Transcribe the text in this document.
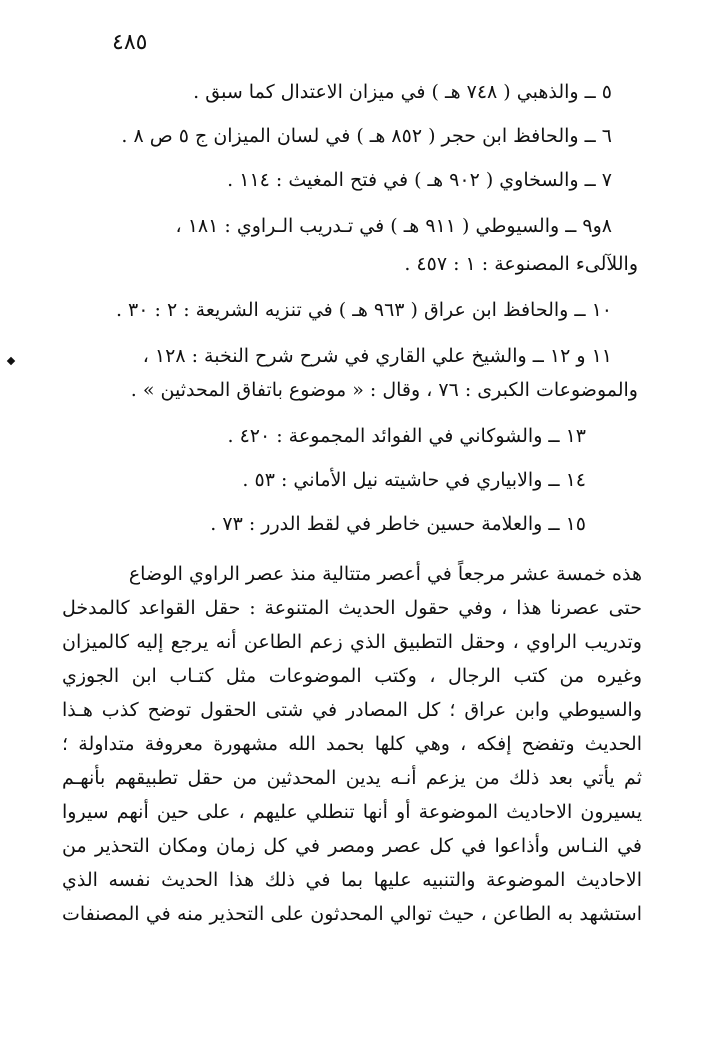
٤٨٥
٥ ــ والذهبي ( ٧٤٨ هـ ) في ميزان الاعتدال كما سبق .
٦ ــ والحافظ ابن حجر ( ٨٥٢ هـ ) في لسان الميزان ج ٥ ص ٨ .
٧ ــ والسخاوي ( ٩٠٢ هـ ) في فتح المغيث : ١١٤ .
٨و٩ ــ والسيوطي ( ٩١١ هـ ) في تـدريب الـراوي : ١٨١ ،
واللآلىء المصنوعة : ١ : ٤٥٧ .
١٠ ــ والحافظ ابن عراق ( ٩٦٣ هـ ) في تنزيه الشريعة : ٢ : ٣٠ .
١١ و ١٢ ــ والشيخ علي القاري في شرح شرح النخبة : ١٢٨ ،
والموضوعات الكبرى : ٧٦ ، وقال : « موضوع باتفاق المحدثين » .
١٣ ــ والشوكاني في الفوائد المجموعة : ٤٢٠ .
١٤ ــ والابياري في حاشيته نيل الأماني : ٥٣ .
١٥ ــ والعلامة حسين خاطر في لقط الدرر : ٧٣ .
هذه خمسة عشر مرجعاً في أعصر متتالية منذ عصر الراوي الوضاع
حتى عصرنا هذا ، وفي حقول الحديث المتنوعة : حقل القواعد كالمدخل
وتدريب الراوي ، وحقل التطبيق الذي زعم الطاعن أنه يرجع إليه كالميزان
وغيره من كتب الرجال ، وكتب الموضوعات مثل كتـاب ابن الجوزي
والسيوطي وابن عراق ؛ كل المصادر في شتى الحقول توضح كذب هـذا
الحديث وتفضح إفكه ، وهي كلها بحمد الله مشهورة معروفة متداولة ؛
ثم يأتي بعد ذلك من يزعم أنـه يدين المحدثين من حقل تطبيقهم بأنهـم
يسيرون الاحاديث الموضوعة أو أنها تنطلي عليهم ، على حين أنهم سيروا
في النـاس وأذاعوا في كل عصر ومصر في كل زمان ومكان التحذير من
الاحاديث الموضوعة والتنبيه عليها بما في ذلك هذا الحديث نفسه الذي
استشهد به الطاعن ، حيث توالي المحدثون على التحذير منه في المصنفات
